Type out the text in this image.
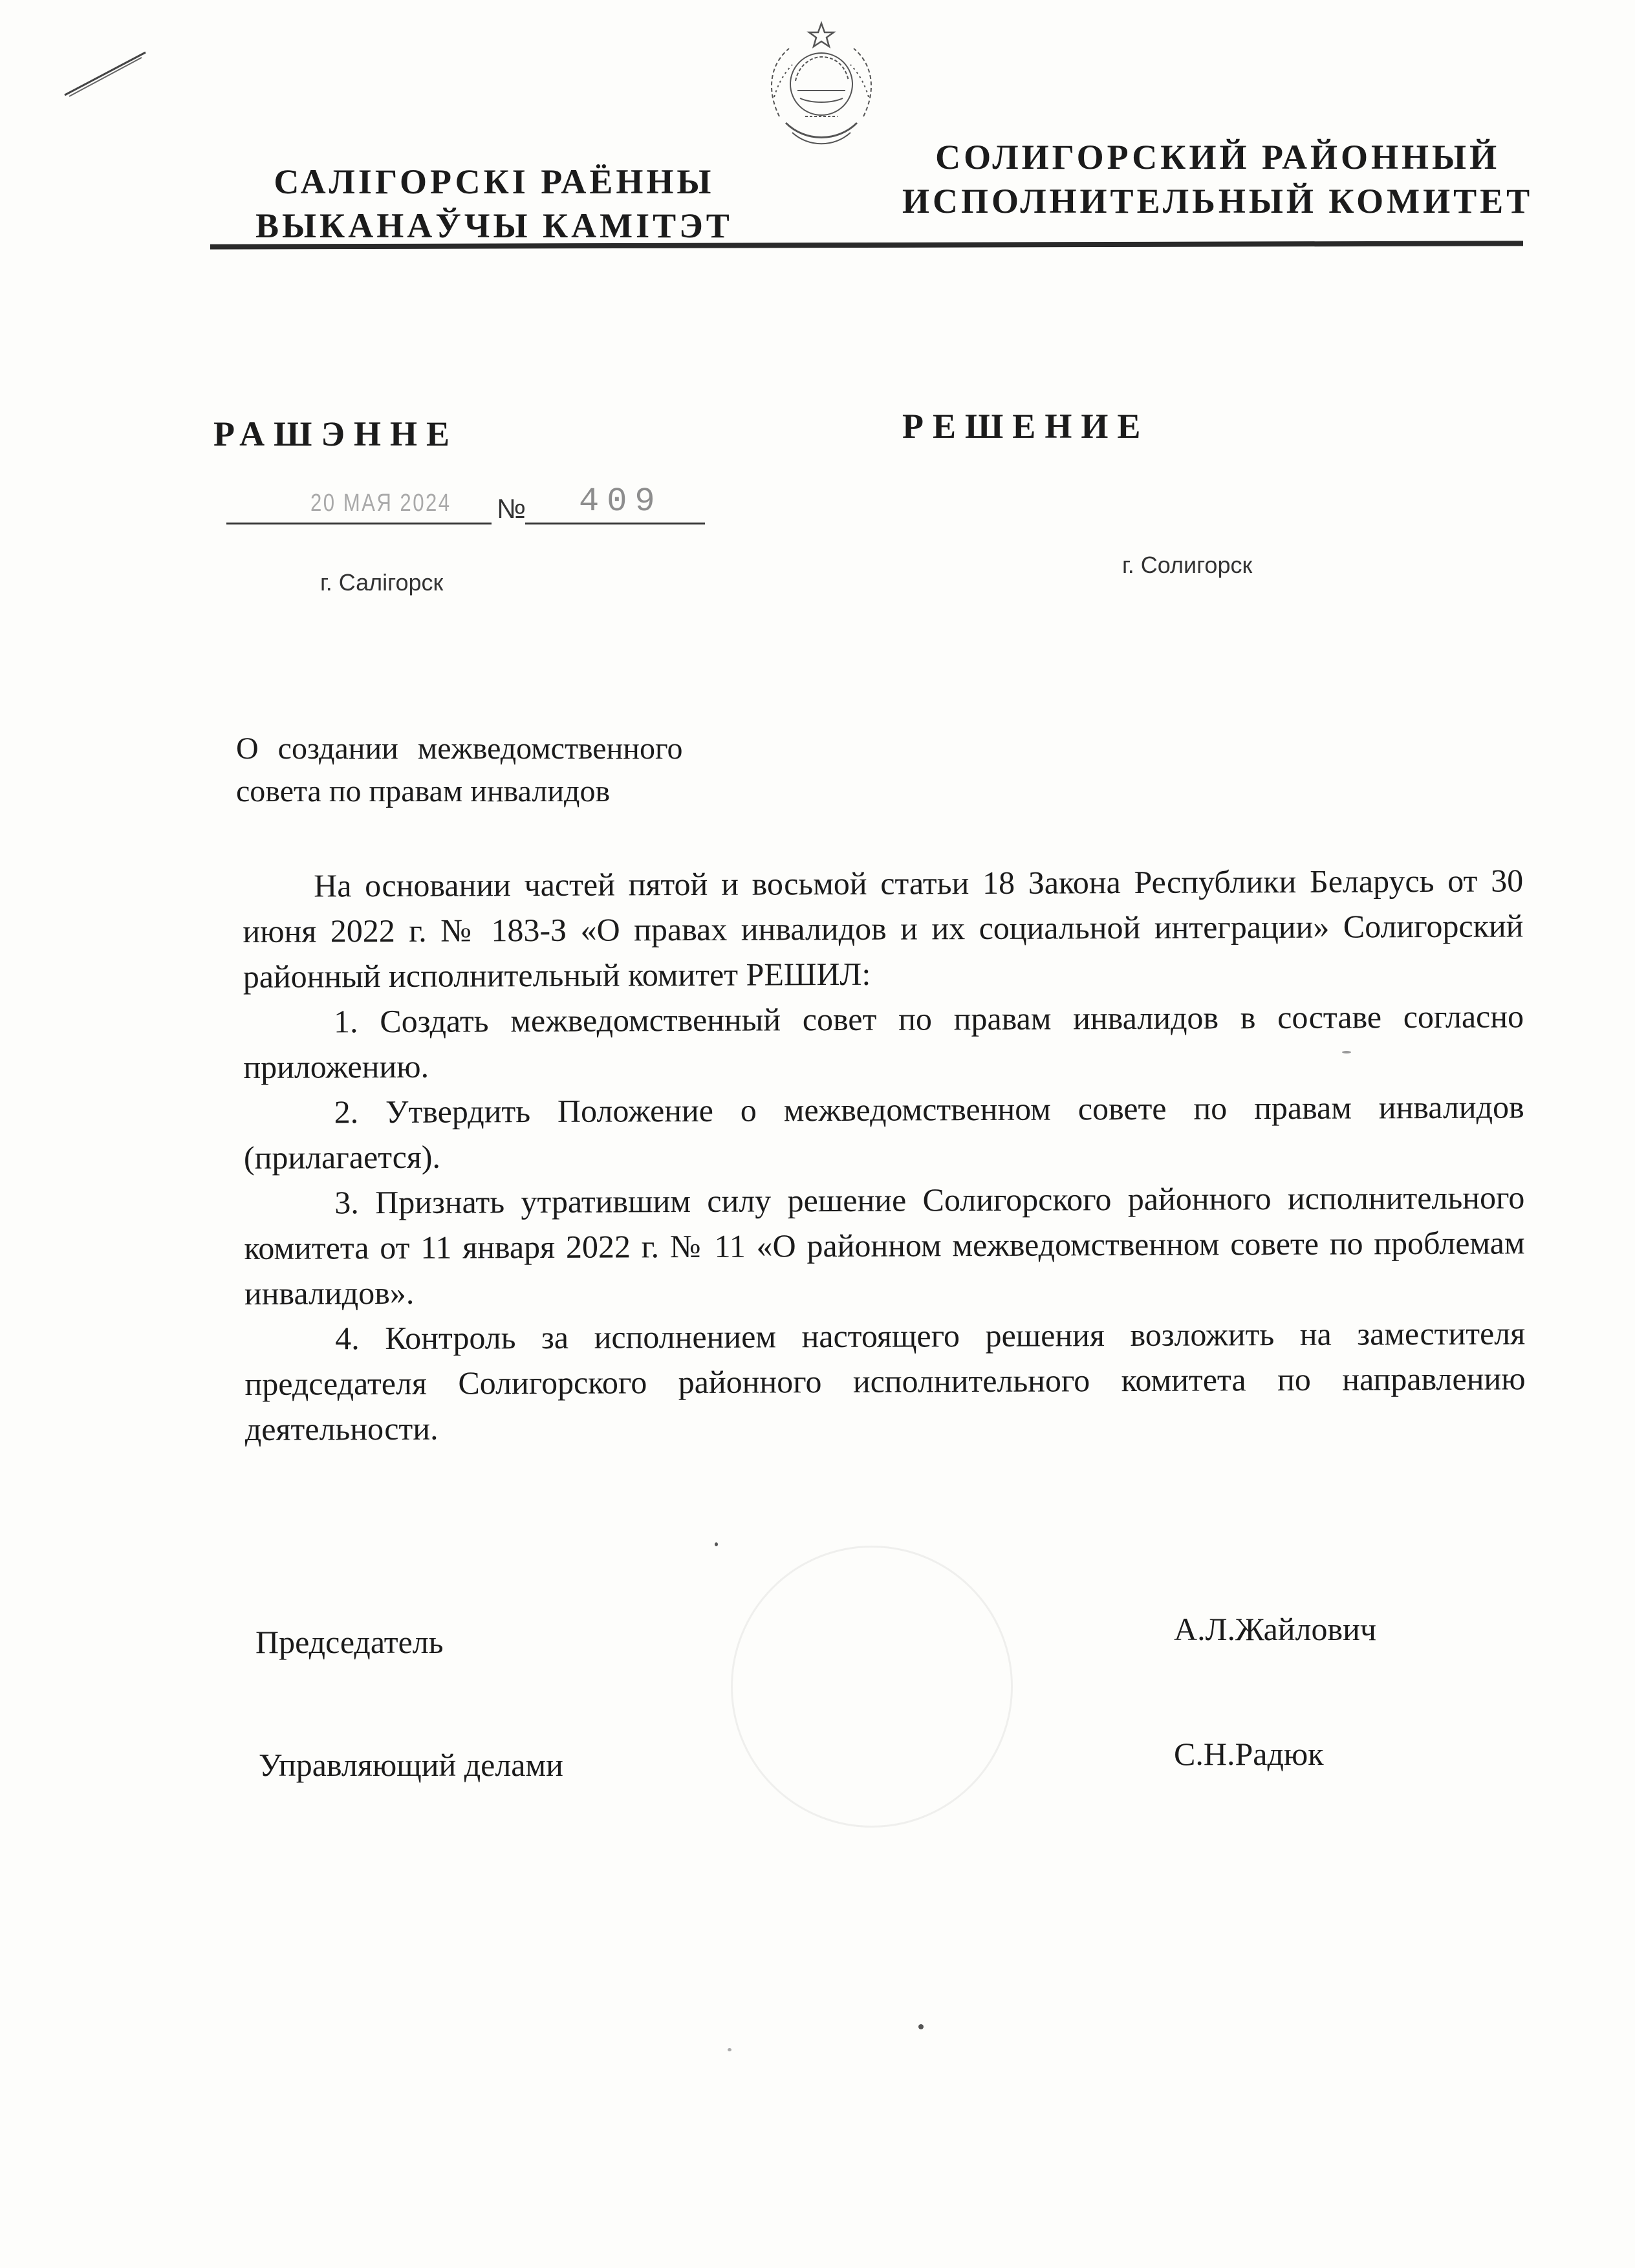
САЛІГОРСКІ РАЁННЫ
ВЫКАНАЎЧЫ КАМІТЭТ
СОЛИГОРСКИЙ РАЙОННЫЙ
ИСПОЛНИТЕЛЬНЫЙ КОМИТЕТ
РАШЭННЕ	РЕШЕНИЕ
20 МАЯ 2024 № 409
г. Салігорск
г. Солигорск
О создании межведомственного
совета по правам инвалидов

На основании частей пятой и восьмой статьи 18 Закона Республики Беларусь от 30 июня 2022 г. № 183-З «О правах инвалидов и их социальной интеграции» Солигорский районный исполнительный комитет РЕШИЛ:

1. Создать межведомственный совет по правам инвалидов в составе согласно приложению.

2. Утвердить Положение о межведомственном совете по правам инвалидов (прилагается).

3. Признать утратившим силу решение Солигорского районного исполнительного комитета от 11 января 2022 г. № 11 «О районном межведомственном совете по проблемам инвалидов».

4. Контроль за исполнением настоящего решения возложить на заместителя председателя Солигорского районного исполнительного комитета по направлению деятельности.

Председатель	А.Л.Жайлович
Управляющий делами	С.Н.Радюк
